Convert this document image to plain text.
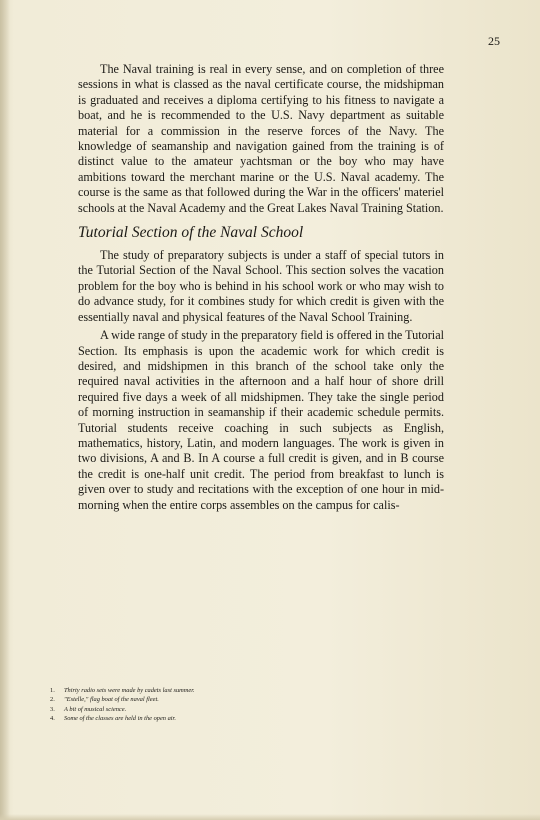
25

The Naval training is real in every sense, and on completion of three sessions in what is classed as the naval certificate course, the midshipman is graduated and receives a diploma certifying to his fitness to navigate a boat, and he is recommended to the U.S. Navy department as suitable material for a commission in the reserve forces of the Navy. The knowledge of seamanship and navigation gained from the training is of distinct value to the amateur yachtsman or the boy who may have ambitions toward the merchant marine or the U.S. Naval academy. The course is the same as that followed during the War in the officers' materiel schools at the Naval Academy and the Great Lakes Naval Training Station.

Tutorial Section of the Naval School

The study of preparatory subjects is under a staff of special tutors in the Tutorial Section of the Naval School. This section solves the vacation problem for the boy who is behind in his school work or who may wish to do advance study, for it combines study for which credit is given with the essentially naval and physical features of the Naval School Training.

A wide range of study in the preparatory field is offered in the Tutorial Section. Its emphasis is upon the academic work for which credit is desired, and midshipmen in this branch of the school take only the required naval activities in the afternoon and a half hour of shore drill required five days a week of all midshipmen. They take the single period of morning instruction in seamanship if their academic schedule permits. Tutorial students receive coaching in such subjects as English, mathematics, history, Latin, and modern languages. The work is given in two divisions, A and B. In A course a full credit is given, and in B course the credit is one-half unit credit. The period from breakfast to lunch is given over to study and recitations with the exception of one hour in mid-morning when the entire corps assembles on the campus for calis-

1. Thirty radio sets were made by cadets last summer.
2. "Estelle," flag boat of the naval fleet.
3. A bit of musical science.
4. Some of the classes are held in the open air.
